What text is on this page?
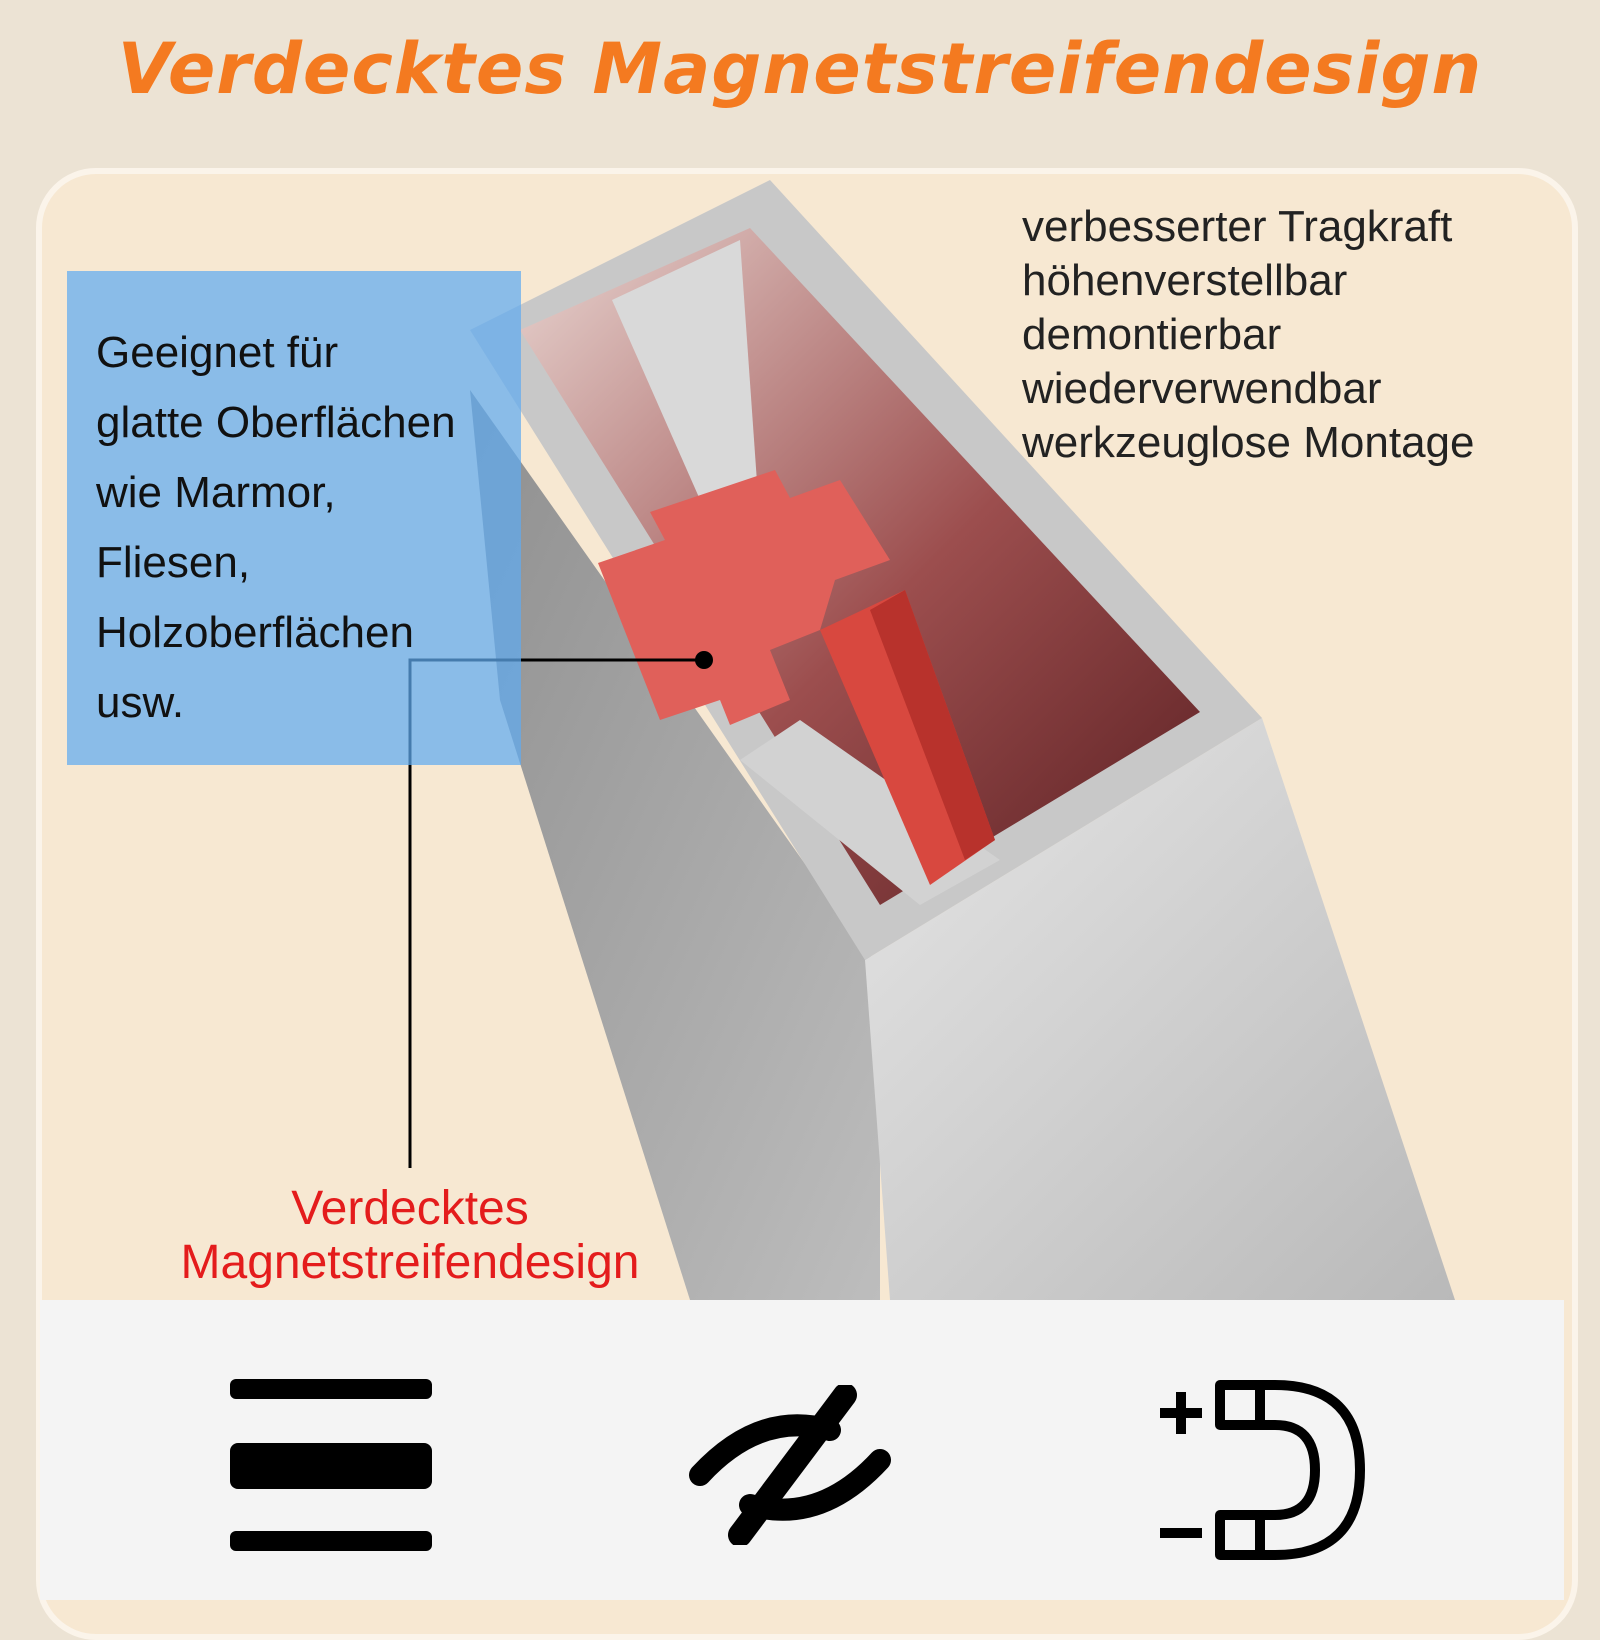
Verdecktes Magnetstreifendesign
Geeignet für
glatte Oberflächen
wie Marmor,
Fliesen,
Holzoberflächen
usw.
verbesserter Tragkraft
höhenverstellbar
demontierbar
wiederverwendbar
werkzeuglose Montage
Verdecktes
Magnetstreifendesign
